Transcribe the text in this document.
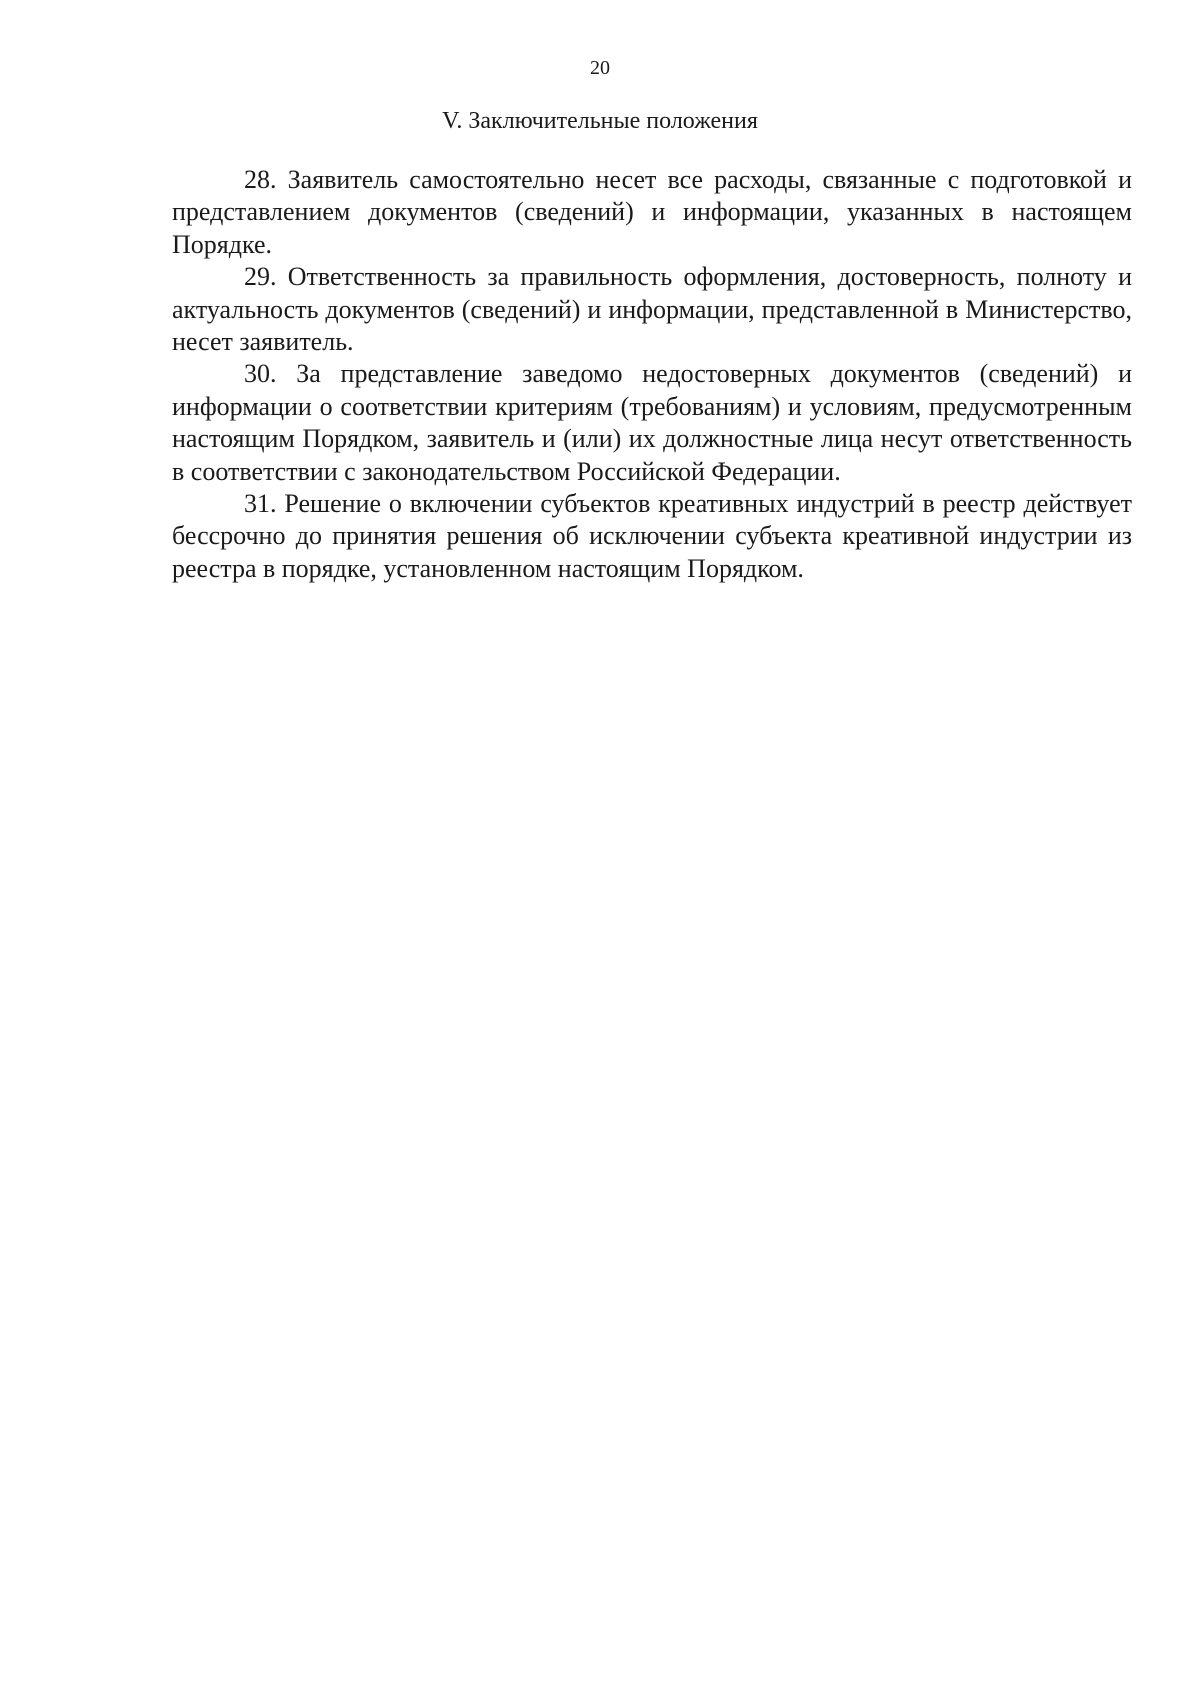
20
V. Заключительные положения

28. Заявитель самостоятельно несет все расходы, связанные с подготовкой и представлением документов (сведений) и информации, указанных в настоящем Порядке.

29. Ответственность за правильность оформления, достоверность, полноту и актуальность документов (сведений) и информации, представленной в Министерство, несет заявитель.

30. За представление заведомо недостоверных документов (сведений) и информации о соответствии критериям (требованиям) и условиям, предусмотренным настоящим Порядком, заявитель и (или) их должностные лица несут ответственность в соответствии с законодательством Российской Федерации.

31. Решение о включении субъектов креативных индустрий в реестр действует бессрочно до принятия решения об исключении субъекта креативной индустрии из реестра в порядке, установленном настоящим Порядком.
